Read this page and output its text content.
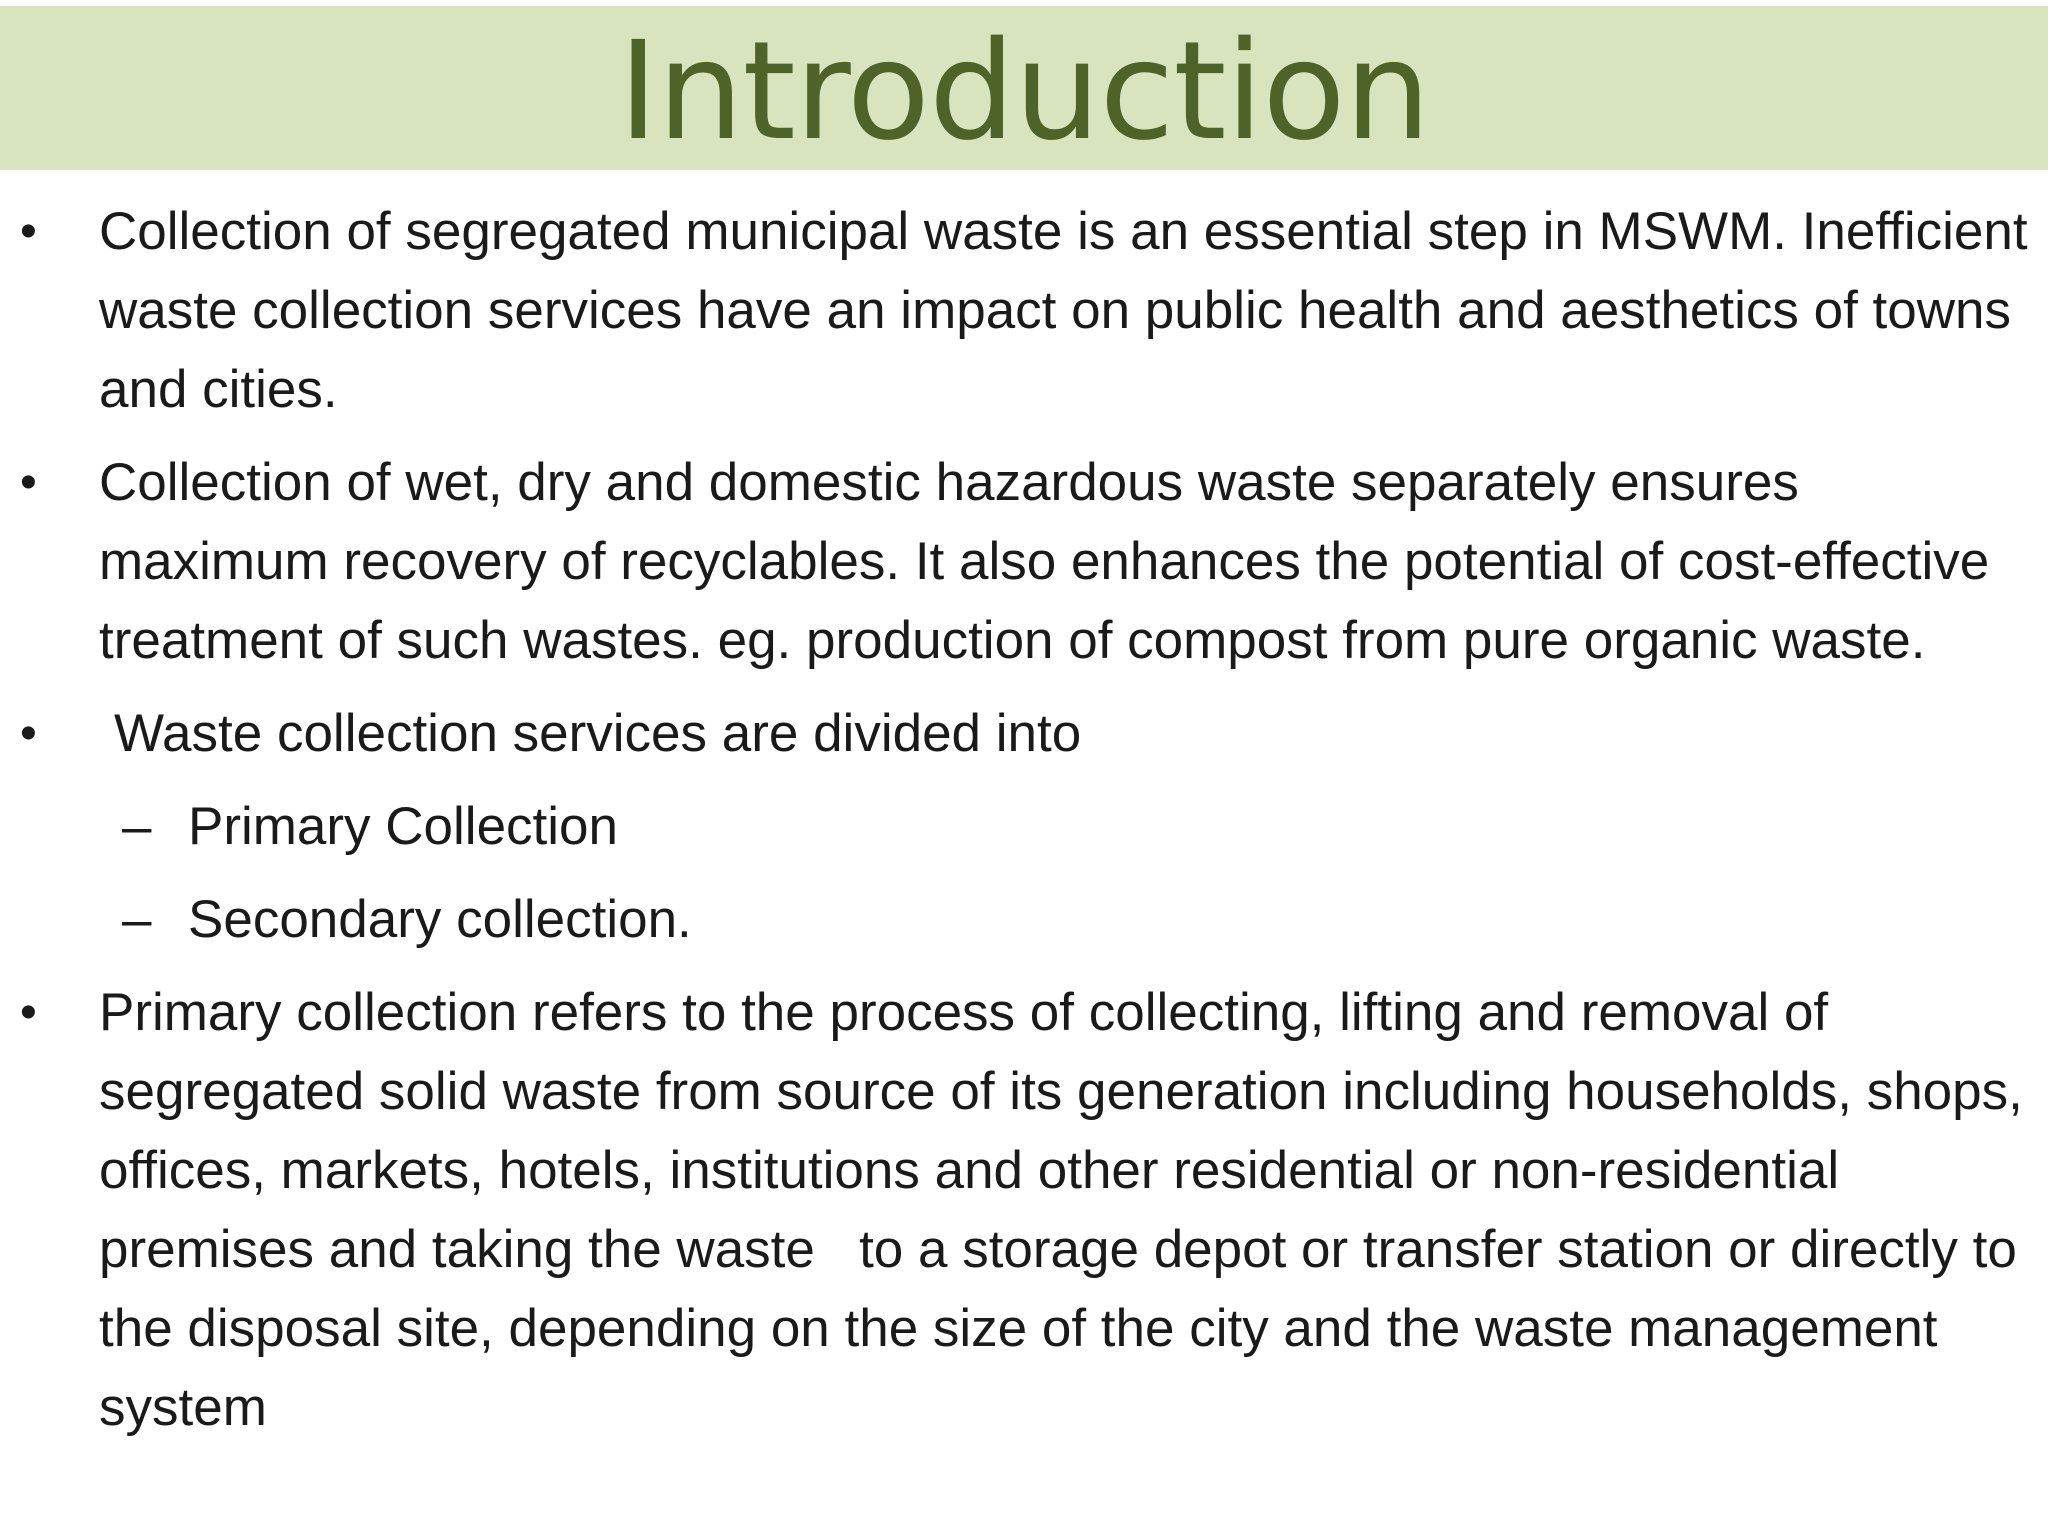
Introduction
• Collection of segregated municipal waste is an essential step in MSWM. Inefficient waste collection services have an impact on public health and aesthetics of towns and cities.
• Collection of wet, dry and domestic hazardous waste separately ensures maximum recovery of recyclables. It also enhances the potential of cost-effective treatment of such wastes. eg. production of compost from pure organic waste.
• Waste collection services are divided into
– Primary Collection
– Secondary collection.
• Primary collection refers to the process of collecting, lifting and removal of segregated solid waste from source of its generation including households, shops, offices, markets, hotels, institutions and other residential or non-residential premises and taking the waste   to a storage depot or transfer station or directly to the disposal site, depending on the size of the city and the waste management system
